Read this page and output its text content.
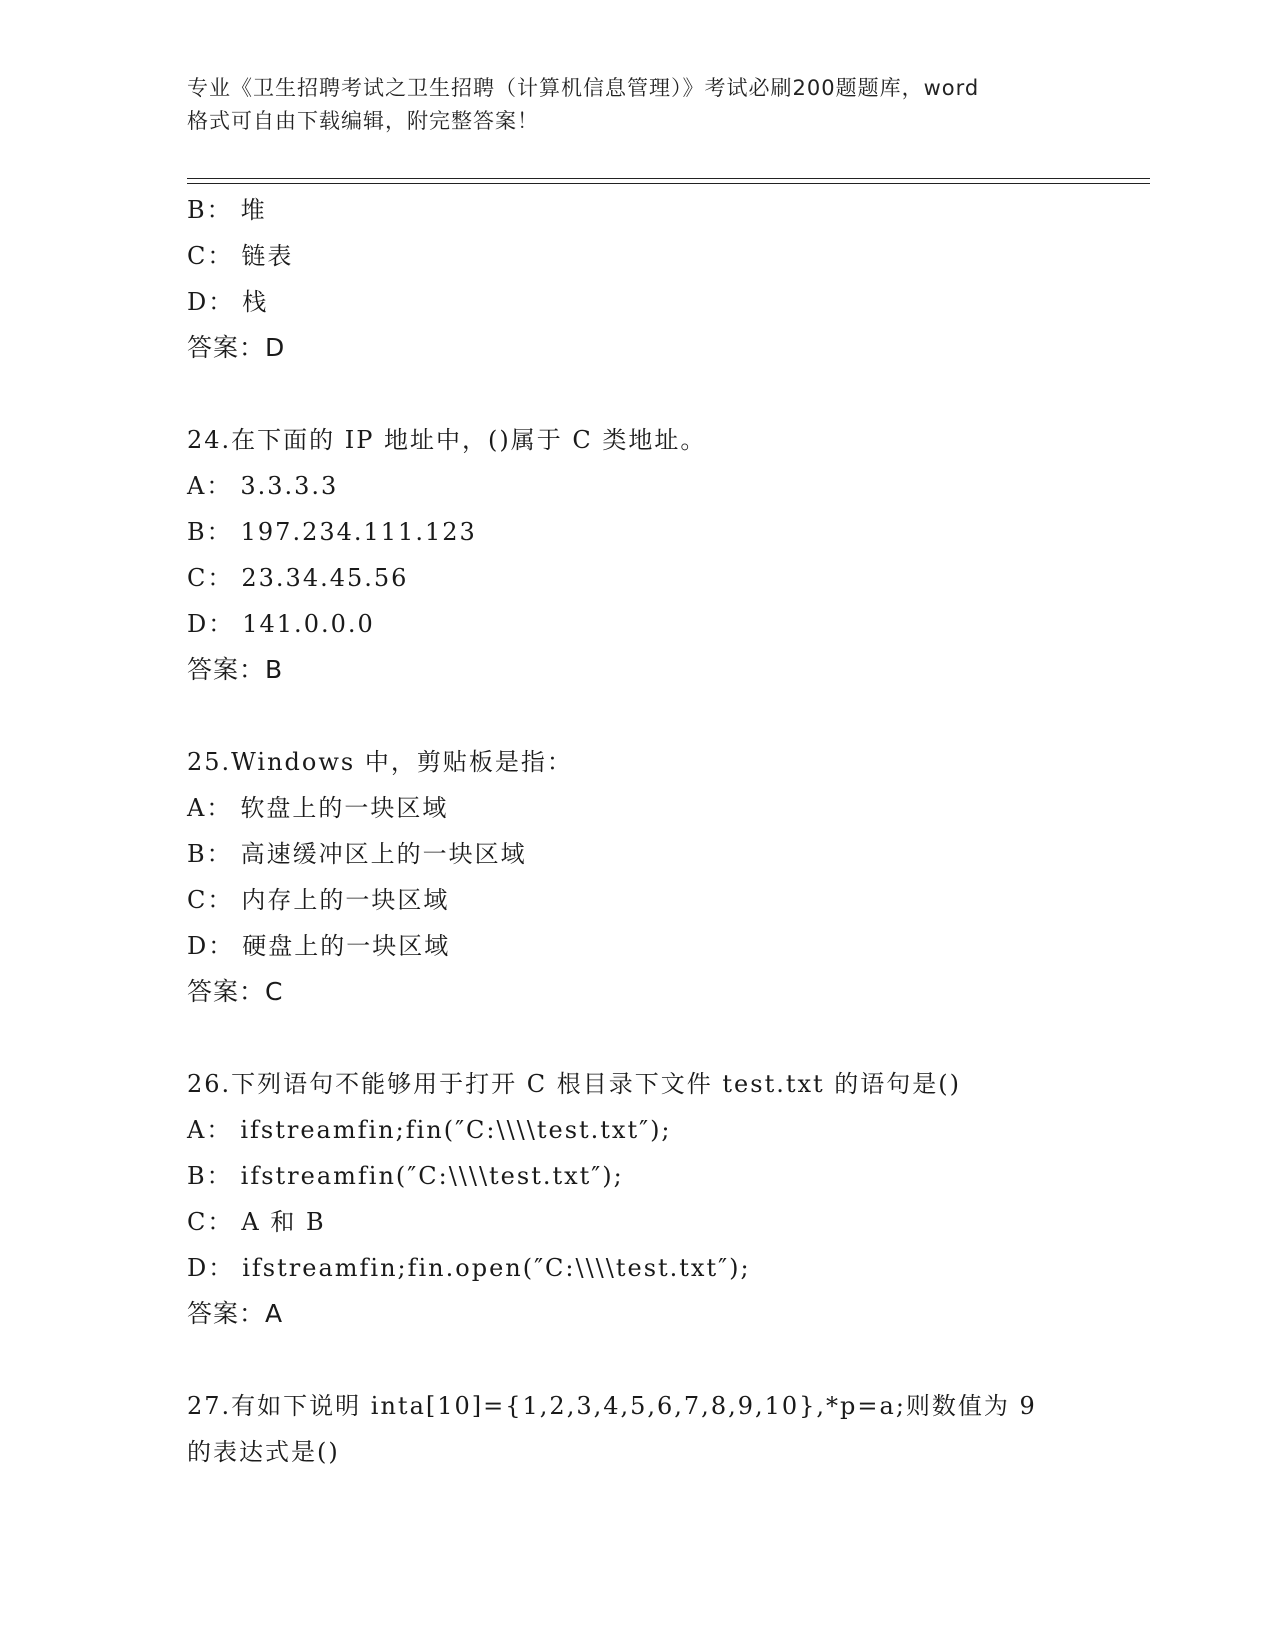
专业《卫生招聘考试之卫生招聘（计算机信息管理）》考试必刷200题题库，word
格式可自由下载编辑，附完整答案！
B： 堆
C： 链表
D： 栈
答案：D
24.在下面的 IP 地址中，()属于 C 类地址。
A： 3.3.3.3
B： 197.234.111.123
C： 23.34.45.56
D： 141.0.0.0
答案：B
25.Windows 中，剪贴板是指：
A： 软盘上的一块区域
B： 高速缓冲区上的一块区域
C： 内存上的一块区域
D： 硬盘上的一块区域
答案：C
26.下列语句不能够用于打开 C 根目录下文件 test.txt 的语句是()
A： ifstreamfin;fin(″C:\\\\test.txt″);
B： ifstreamfin(″C:\\\\test.txt″);
C： A 和 B
D： ifstreamfin;fin.open(″C:\\\\test.txt″);
答案：A
27.有如下说明 inta[10]={1,2,3,4,5,6,7,8,9,10},*p=a;则数值为 9
的表达式是()
